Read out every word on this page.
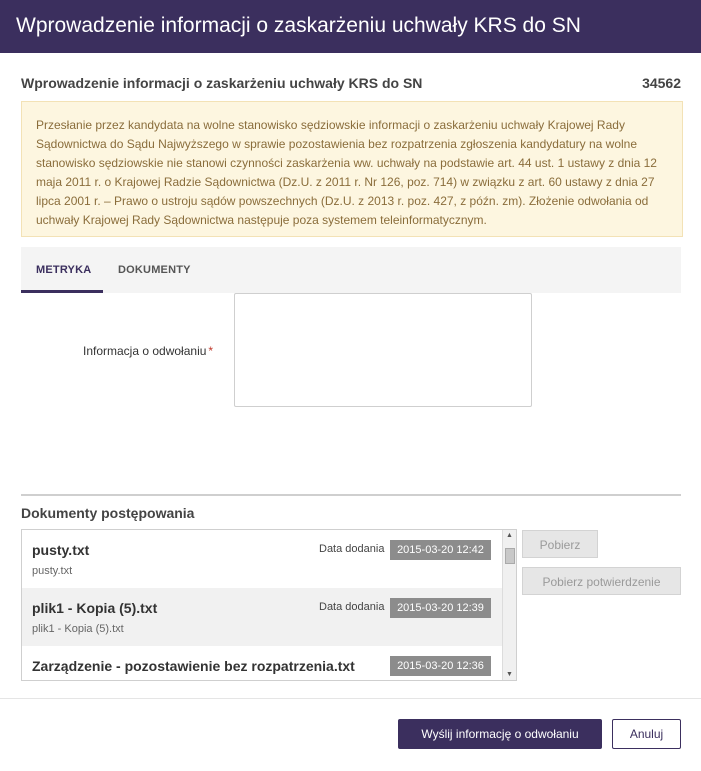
Wprowadzenie informacji o zaskarżeniu uchwały KRS do SN
Wprowadzenie informacji o zaskarżeniu uchwały KRS do SN	34562

Przesłanie przez kandydata na wolne stanowisko sędziowskie informacji o zaskarżeniu uchwały Krajowej Rady Sądownictwa do Sądu Najwyższego w sprawie pozostawienia bez rozpatrzenia zgłoszenia kandydatury na wolne stanowisko sędziowskie nie stanowi czynności zaskarżenia ww. uchwały na podstawie art. 44 ust. 1 ustawy z dnia 12 maja 2011 r. o Krajowej Radzie Sądownictwa (Dz.U. z 2011 r. Nr 126, poz. 714) w związku z art. 60 ustawy z dnia 27 lipca 2001 r. – Prawo o ustroju sądów powszechnych (Dz.U. z 2013 r. poz. 427, z późn. zm). Złożenie odwołania od uchwały Krajowej Rady Sądownictwa następuje poza systemem teleinformatycznym.

METRYKA DOKUMENTY
Informacja o odwołaniu *
Dokumenty postępowania
pusty.txt
pusty.txt
Data dodania	2015-03-20 12:42
plik1 - Kopia (5).txt
plik1 - Kopia (5).txt
Data dodania	2015-03-20 12:39
Zarządzenie - pozostawienie bez rozpatrzenia.txt	2015-03-20 12:36
▲
▼
Pobierz
Pobierz potwierdzenie
Wyślij informację o odwołaniu	Anuluj
